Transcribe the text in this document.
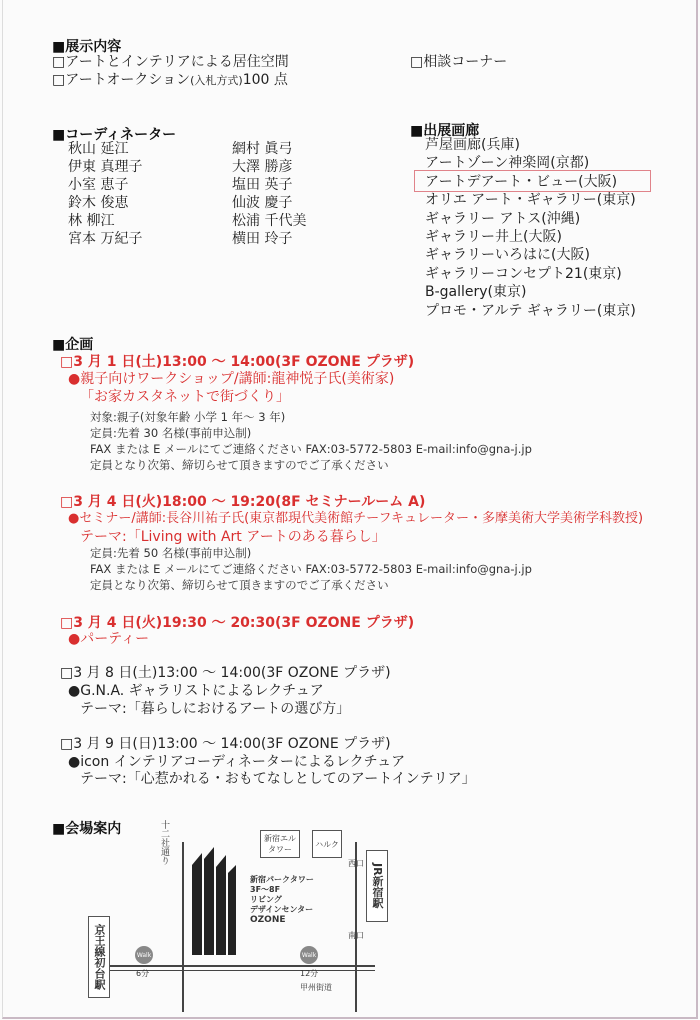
■展示内容
□アートとインテリアによる居住空間
□アートオークション(入札方式)100 点
□相談コーナー
■コーディネーター
秋山 延江
伊東 真理子
小室 恵子
鈴木 俊恵
林 柳江
宮本 万紀子
網村 眞弓
大澤 勝彦
塩田 英子
仙波 慶子
松浦 千代美
横田 玲子
■出展画廊
芦屋画廊(兵庫)
アートゾーン神楽岡(京都)
アートデアート・ビュー(大阪)
オリエ アート・ギャラリー(東京)
ギャラリー アトス(沖縄)
ギャラリー井上(大阪)
ギャラリーいろはに(大阪)
ギャラリーコンセプト21(東京)
B-gallery(東京)
プロモ・アルテ ギャラリー(東京)
■企画
□3 月 1 日(土)13:00 ～ 14:00(3F OZONE プラザ)
●親子向けワークショップ/講師:龍神悦子氏(美術家)
「お家カスタネットで街づくり」
対象:親子(対象年齢 小学 1 年～ 3 年)
定員:先着 30 名様(事前申込制)
FAX または E メールにてご連絡ください FAX:03-5772-5803 E-mail:info@gna-j.jp
定員となり次第、締切らせて頂きますのでご了承ください
□3 月 4 日(火)18:00 ～ 19:20(8F セミナールーム A)
●セミナー/講師:長谷川祐子氏(東京都現代美術館チーフキュレーター・多摩美術大学美術学科教授)
テーマ:「Living with Art アートのある暮らし」
定員:先着 50 名様(事前申込制)
FAX または E メールにてご連絡ください FAX:03-5772-5803 E-mail:info@gna-j.jp
定員となり次第、締切らせて頂きますのでご了承ください
□3 月 4 日(火)19:30 ～ 20:30(3F OZONE プラザ)
●パーティー
□3 月 8 日(土)13:00 ～ 14:00(3F OZONE プラザ)
●G.N.A. ギャラリストによるレクチュア
テーマ:「暮らしにおけるアートの選び方」
□3 月 9 日(日)13:00 ～ 14:00(3F OZONE プラザ)
●icon インテリアコーディネーターによるレクチュア
テーマ:「心惹かれる・おもてなしとしてのアートインテリア」
■会場案内	十二社通り	新宿エルタワー
ハルク
新宿パークタワー
3F～8F
リビング
デザインセンター
OZONE
西口
南口
JR新宿駅
京王線初台駅	Walk
6分
Walk
12分
甲州街道
